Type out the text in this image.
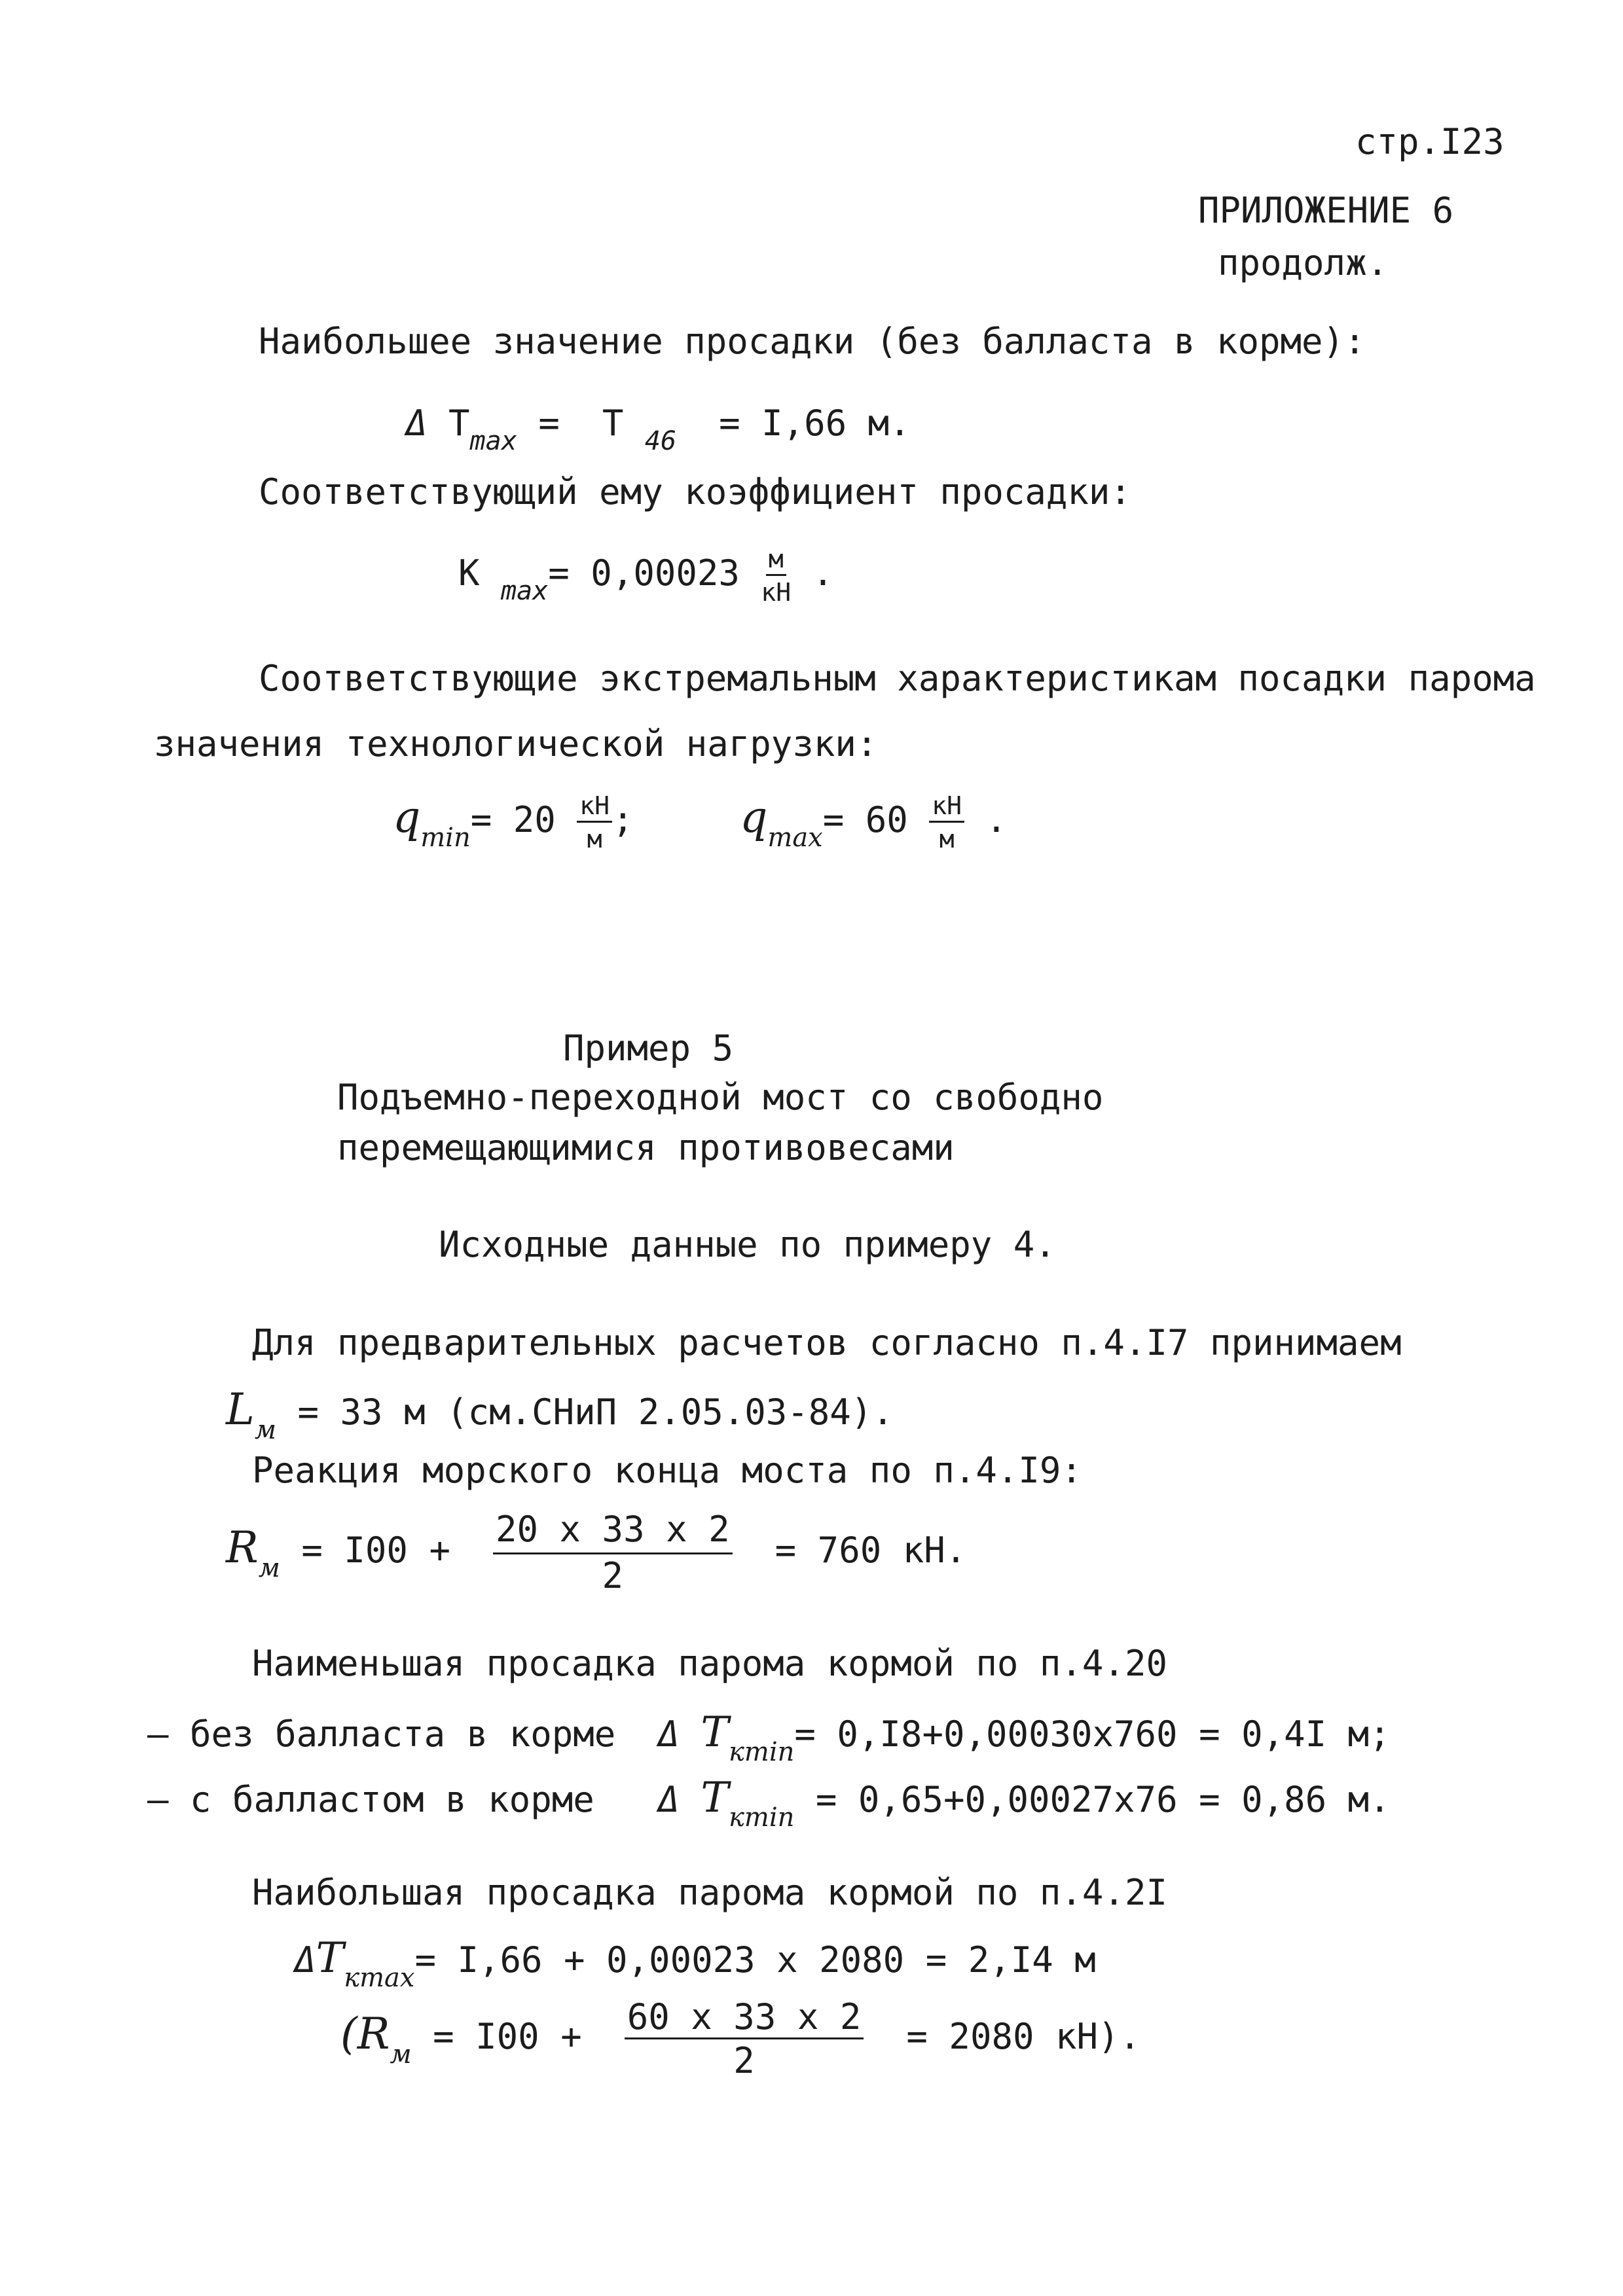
стр.I23
ПРИЛОЖЕНИЕ 6
продолж.
Наибольшее значение просадки (без балласта в корме):
Δ $T_{max} = T$ $_{46}$ = I,66 м.
Соответствующий ему коэффициент просадки:
K $_{max}= 0,00023 \frac{м}{кН}$ .
Соответствующие экстремальным характеристикам посадки парома
значения технологической нагрузки:
$q_{min}= 20 \frac{кН}{м}$ ; $q_{max}= 60 \frac{кН}{м}$ .
Пример 5
Подъемно-переходной мост со свободно
перемещающимися противовесами
Исходные данные по примеру 4.
Для предварительных расчетов согласно п.4.I7 принимаем
$L_м = 33$ м (см.СНиП 2.05.03-84).
Реакция морского конца моста по п.4.I9:
$R_м = I00 + \frac{20 x 33 x 2}{2} = 760$ кН.
Наименьшая просадка парома кормой по п.4.20
– без балласта в корме Δ $T_{кmin}= 0,I8+0,00030x760 = 0,4I$ м;
– с балластом в корме Δ $T_{кmin} = 0,65+0,00027x76 = 0,86$ м.
Наибольшая просадка парома кормой по п.4.2I
$\Delta T_{кmax}= I,66 + 0,00023$ x 2080 = 2,I4 м
($R_м = I00 + \frac{60 x 33 x 2}{2} = 2080$ кН).
